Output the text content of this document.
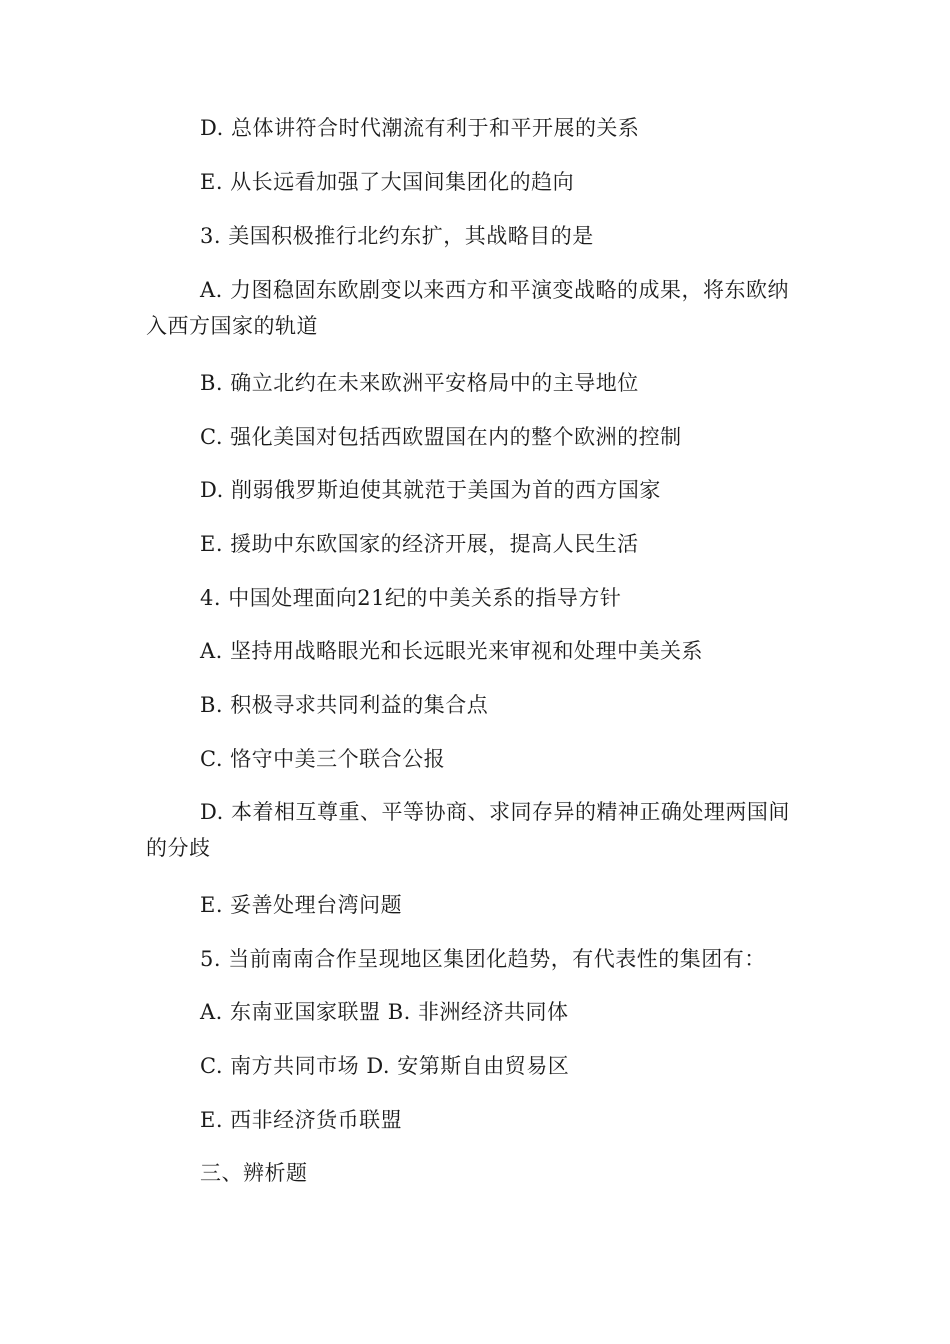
D. 总体讲符合时代潮流有利于和平开展的关系

E. 从长远看加强了大国间集团化的趋向

3. 美国积极推行北约东扩，其战略目的是

A. 力图稳固东欧剧变以来西方和平演变战略的成果，将东欧纳入西方国家的轨道

B. 确立北约在未来欧洲平安格局中的主导地位

C. 强化美国对包括西欧盟国在内的整个欧洲的控制

D. 削弱俄罗斯迫使其就范于美国为首的西方国家

E. 援助中东欧国家的经济开展，提高人民生活

4. 中国处理面向21纪的中美关系的指导方针

A. 坚持用战略眼光和长远眼光来审视和处理中美关系

B. 积极寻求共同利益的集合点

C. 恪守中美三个联合公报

D. 本着相互尊重、平等协商、求同存异的精神正确处理两国间的分歧

E. 妥善处理台湾问题

5. 当前南南合作呈现地区集团化趋势，有代表性的集团有：

A. 东南亚国家联盟 B. 非洲经济共同体

C. 南方共同市场 D. 安第斯自由贸易区

E. 西非经济货币联盟

三、辨析题
